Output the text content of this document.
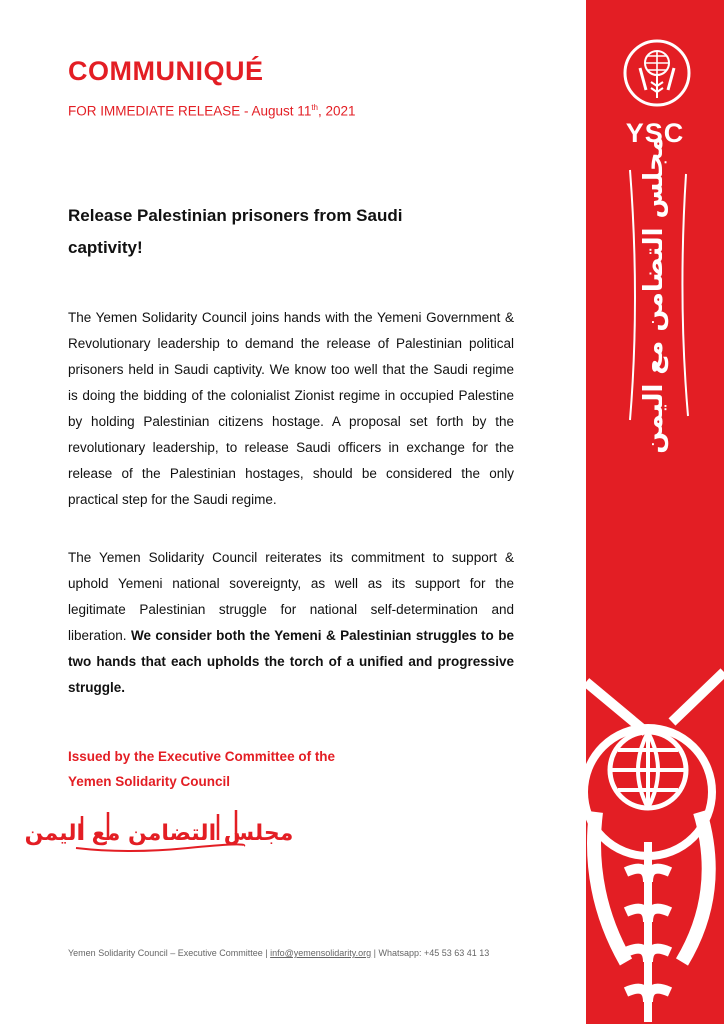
COMMUNIQUÉ
FOR IMMEDIATE RELEASE - August 11th, 2021
Release Palestinian prisoners from Saudi captivity!
The Yemen Solidarity Council joins hands with the Yemeni Government & Revolutionary leadership to demand the release of Palestinian political prisoners held in Saudi captivity. We know too well that the Saudi regime is doing the bidding of the colonialist Zionist regime in occupied Palestine by holding Palestinian citizens hostage. A proposal set forth by the revolutionary leadership, to release Saudi officers in exchange for the release of the Palestinian hostages, should be considered the only practical step for the Saudi regime.
The Yemen Solidarity Council reiterates its commitment to support & uphold Yemeni national sovereignty, as well as its support for the legitimate Palestinian struggle for national self-determination and liberation. We consider both the Yemeni & Palestinian struggles to be two hands that each upholds the torch of a unified and progressive struggle.
Issued by the Executive Committee of the
Yemen Solidarity Council
مجلس التضامن مع اليمن
Yemen Solidarity Council – Executive Committee | info@yemensolidarity.org | Whatsapp: +45 53 63 41 13
YSC
مجلس التضامن مع اليمن
